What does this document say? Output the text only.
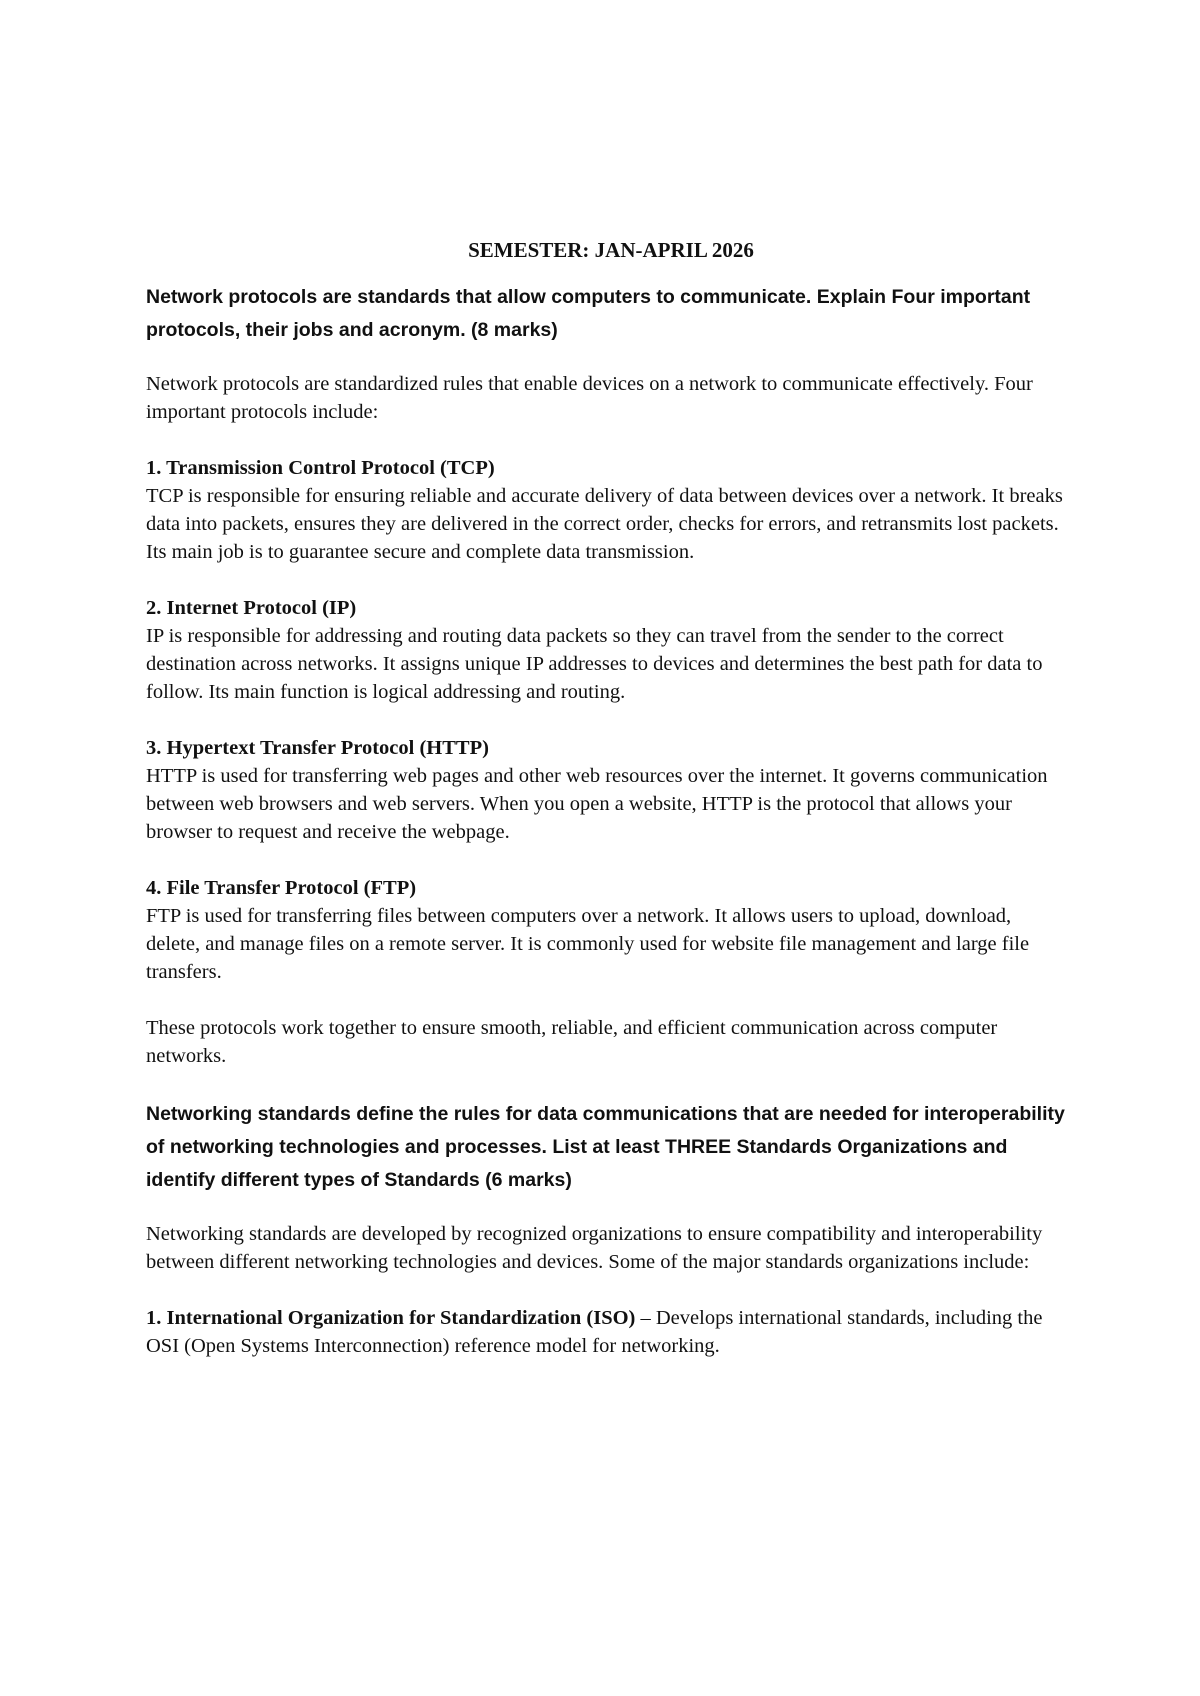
SEMESTER: JAN-APRIL 2026
Network protocols are standards that allow computers to communicate. Explain Four important protocols, their jobs and acronym. (8 marks)
Network protocols are standardized rules that enable devices on a network to communicate effectively. Four important protocols include:
1. Transmission Control Protocol (TCP)
TCP is responsible for ensuring reliable and accurate delivery of data between devices over a network. It breaks data into packets, ensures they are delivered in the correct order, checks for errors, and retransmits lost packets. Its main job is to guarantee secure and complete data transmission.
2. Internet Protocol (IP)
IP is responsible for addressing and routing data packets so they can travel from the sender to the correct destination across networks. It assigns unique IP addresses to devices and determines the best path for data to follow. Its main function is logical addressing and routing.
3. Hypertext Transfer Protocol (HTTP)
HTTP is used for transferring web pages and other web resources over the internet. It governs communication between web browsers and web servers. When you open a website, HTTP is the protocol that allows your browser to request and receive the webpage.
4. File Transfer Protocol (FTP)
FTP is used for transferring files between computers over a network. It allows users to upload, download, delete, and manage files on a remote server. It is commonly used for website file management and large file transfers.
These protocols work together to ensure smooth, reliable, and efficient communication across computer networks.
Networking standards define the rules for data communications that are needed for interoperability of networking technologies and processes. List at least THREE Standards Organizations and identify different types of Standards (6 marks)
Networking standards are developed by recognized organizations to ensure compatibility and interoperability between different networking technologies and devices. Some of the major standards organizations include:
1. International Organization for Standardization (ISO) – Develops international standards, including the OSI (Open Systems Interconnection) reference model for networking.
